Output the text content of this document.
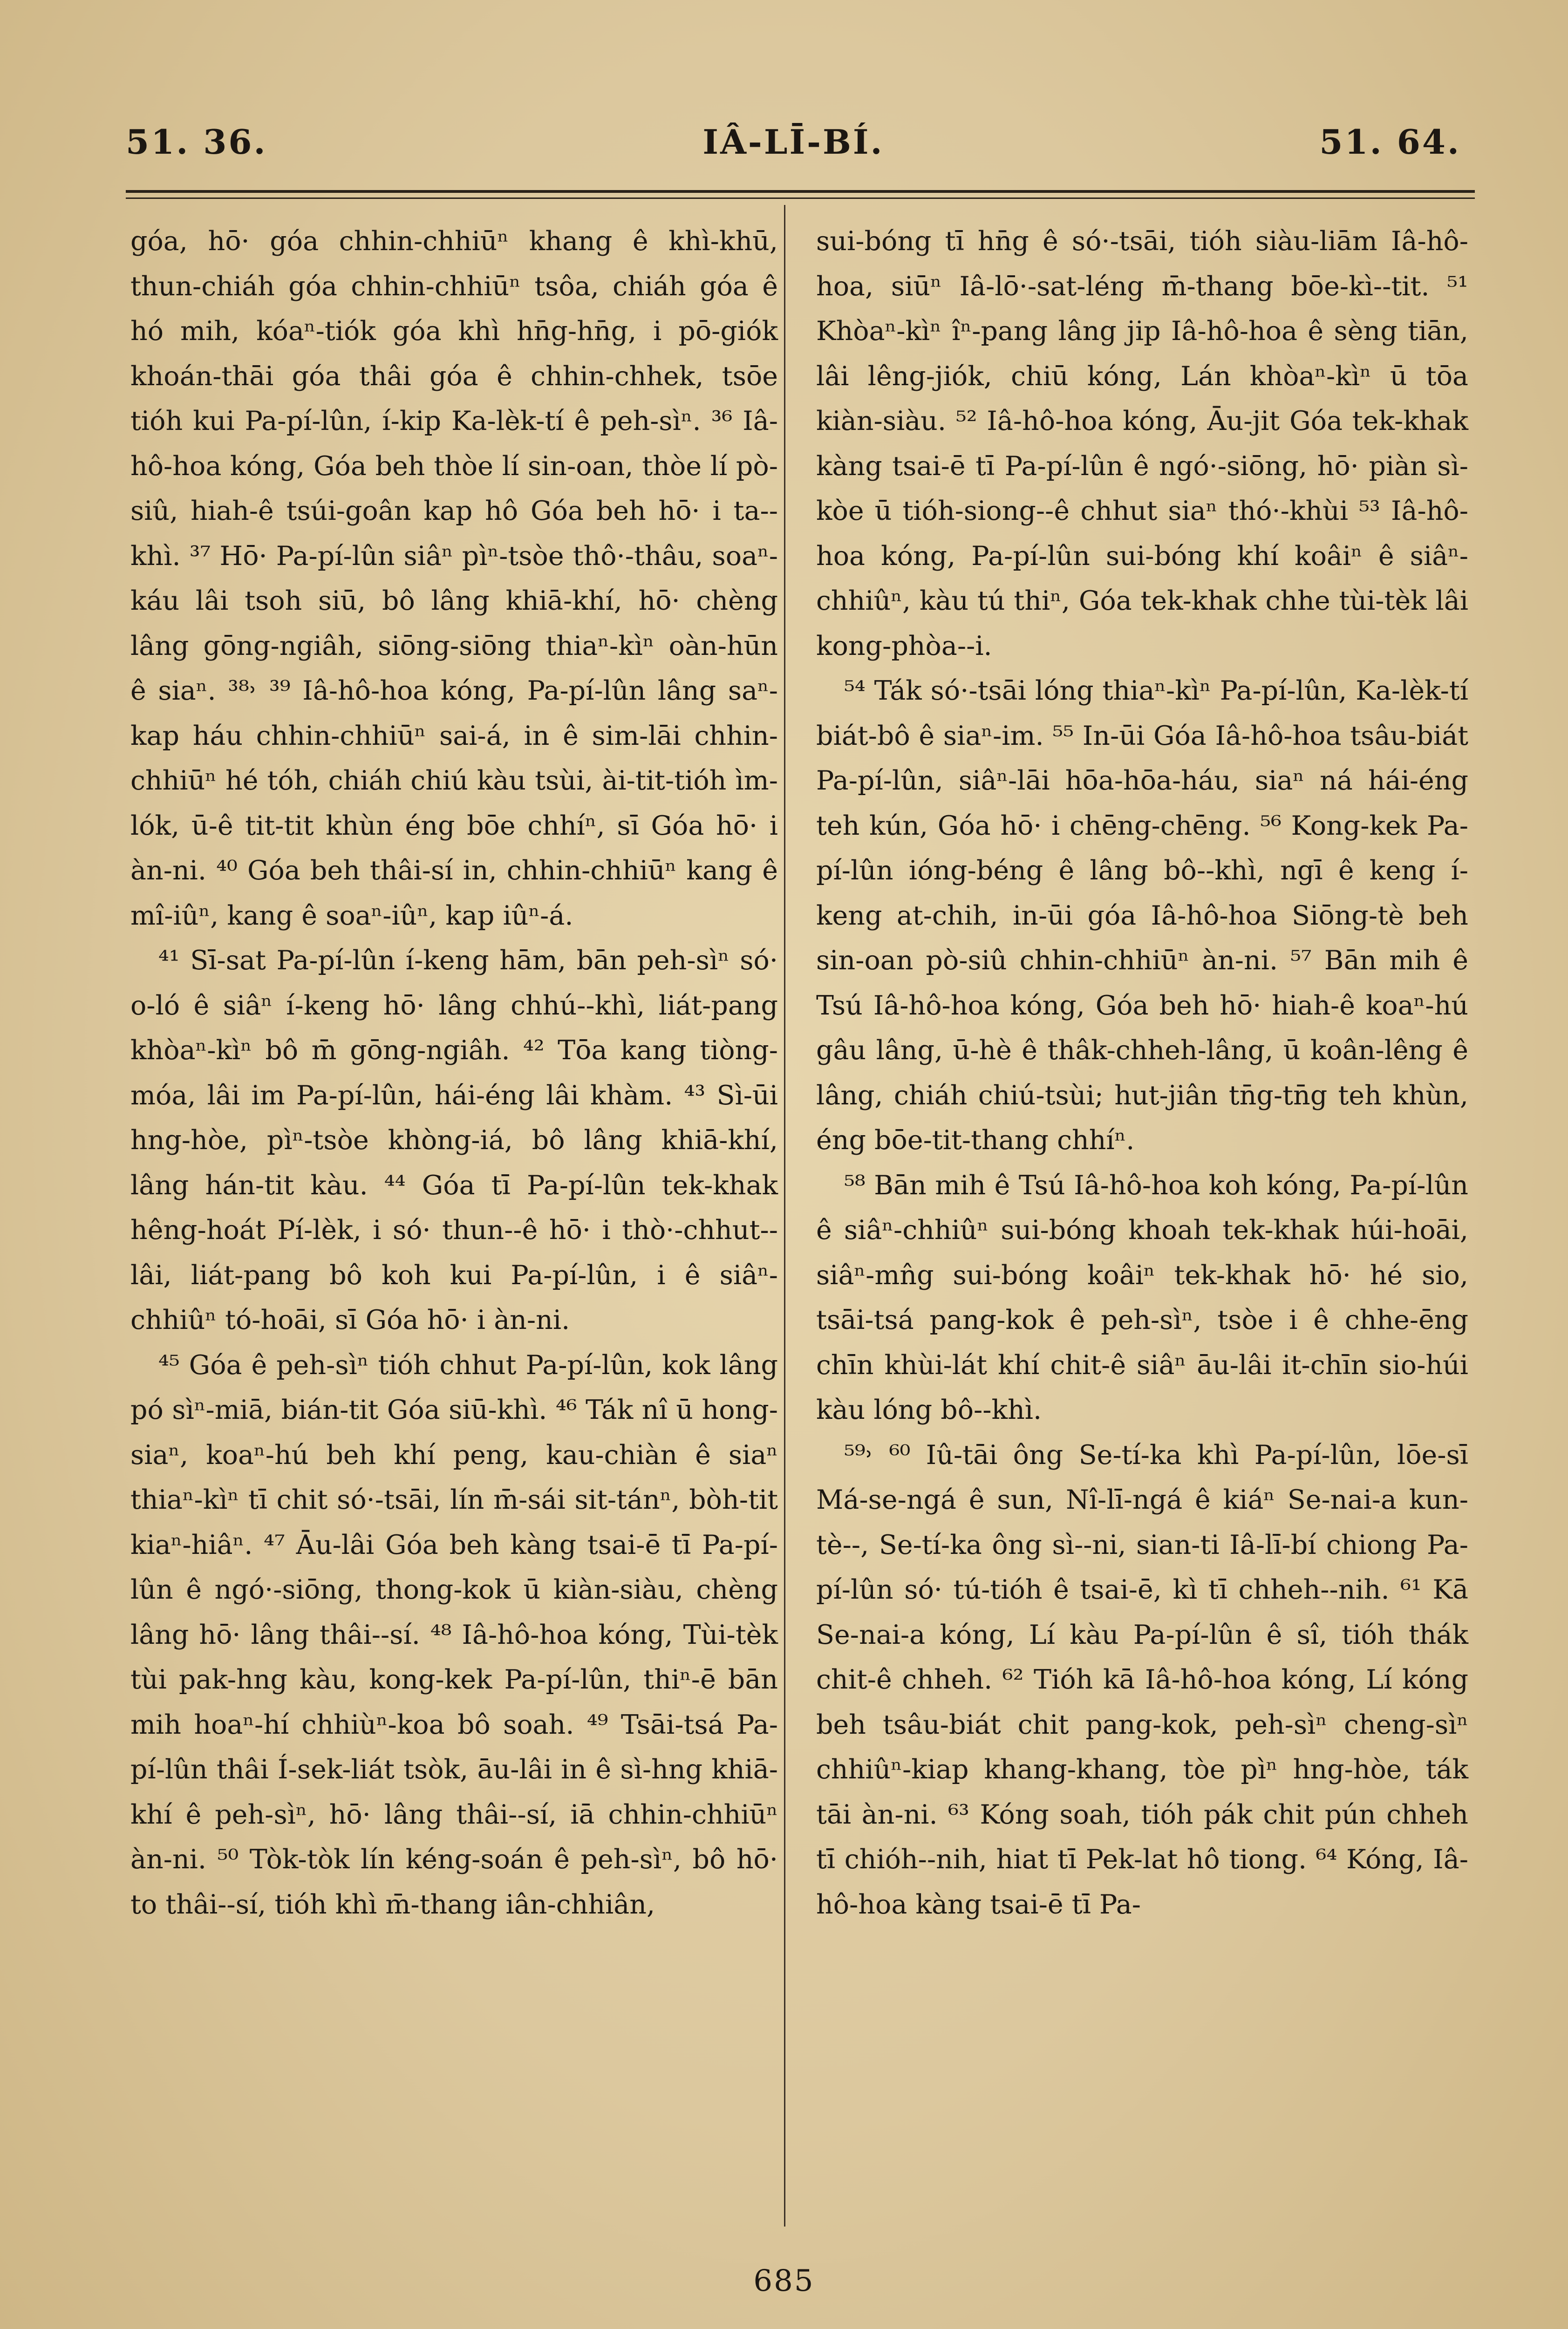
51. 36.	IÂ-LĪ-BÍ.	51. 64.

góa, hō· góa chhin-chhiūⁿ khang ê khì-khū, thun-chiáh góa chhin-chhiūⁿ tsôa, chiáh góa ê hó mih, kóaⁿ-tiók góa khì hn̄g-hn̄g, i pō-giók khoán-thāi góa thâi góa ê chhin-chhek, tsōe tióh kui Pa-pí-lûn, í-kip Ka-lèk-tí ê peh-sìⁿ. ³⁶ Iâ-hô-hoa kóng, Góa beh thòe lí sin-oan, thòe lí pò-siû, hiah-ê tsúi-goân kap hô Góa beh hō· i ta--khì. ³⁷ Hō· Pa-pí-lûn siâⁿ pìⁿ-tsòe thô·-thâu, soaⁿ-káu lâi tsoh siū, bô lâng khiā-khí, hō· chèng lâng gōng-ngiâh, siōng-siōng thiaⁿ-kìⁿ oàn-hūn ê siaⁿ. ³⁸˒ ³⁹ Iâ-hô-hoa kóng, Pa-pí-lûn lâng saⁿ-kap háu chhin-chhiūⁿ sai-á, in ê sim-lāi chhin-chhiūⁿ hé tóh, chiáh chiú kàu tsùi, ài-tit-tióh ìm-lók, ū-ê tit-tit khùn éng bōe chhíⁿ, sī Góa hō· i àn-ni. ⁴⁰ Góa beh thâi-sí in, chhin-chhiūⁿ kang ê mî-iûⁿ, kang ê soaⁿ-iûⁿ, kap iûⁿ-á.

⁴¹ Sī-sat Pa-pí-lûn í-keng hām, bān peh-sìⁿ só· o-ló ê siâⁿ í-keng hō· lâng chhú--khì, liát-pang khòaⁿ-kìⁿ bô m̄ gōng-ngiâh. ⁴² Tōa kang tiòng-móa, lâi im Pa-pí-lûn, hái-éng lâi khàm. ⁴³ Sì-ūi hng-hòe, pìⁿ-tsòe khòng-iá, bô lâng khiā-khí, lâng hán-tit kàu. ⁴⁴ Góa tī Pa-pí-lûn tek-khak hêng-hoát Pí-lèk, i só· thun--ê hō· i thò·-chhut--lâi, liát-pang bô koh kui Pa-pí-lûn, i ê siâⁿ-chhiûⁿ tó-hoāi, sī Góa hō· i àn-ni.

⁴⁵ Góa ê peh-sìⁿ tióh chhut Pa-pí-lûn, kok lâng pó sìⁿ-miā, bián-tit Góa siū-khì. ⁴⁶ Ták nî ū hong-siaⁿ, koaⁿ-hú beh khí peng, kau-chiàn ê siaⁿ thiaⁿ-kìⁿ tī chit só·-tsāi, lín m̄-sái sit-tánⁿ, bòh-tit kiaⁿ-hiâⁿ. ⁴⁷ Āu-lâi Góa beh kàng tsai-ē tī Pa-pí-lûn ê ngó·-siōng, thong-kok ū kiàn-siàu, chèng lâng hō· lâng thâi--sí. ⁴⁸ Iâ-hô-hoa kóng, Tùi-tèk tùi pak-hng kàu, kong-kek Pa-pí-lûn, thiⁿ-ē bān mih hoaⁿ-hí chhiùⁿ-koa bô soah. ⁴⁹ Tsāi-tsá Pa-pí-lûn thâi Í-sek-liát tsòk, āu-lâi in ê sì-hng khiā-khí ê peh-sìⁿ, hō· lâng thâi--sí, iā chhin-chhiūⁿ àn-ni. ⁵⁰ Tòk-tòk lín kéng-soán ê peh-sìⁿ, bô hō· to thâi--sí, tióh khì m̄-thang iân-chhiân,

sui-bóng tī hn̄g ê só·-tsāi, tióh siàu-liām Iâ-hô-hoa, siūⁿ Iâ-lō·-sat-léng m̄-thang bōe-kì--tit. ⁵¹ Khòaⁿ-kìⁿ îⁿ-pang lâng jip Iâ-hô-hoa ê sèng tiān, lâi lêng-jiók, chiū kóng, Lán khòaⁿ-kìⁿ ū tōa kiàn-siàu. ⁵² Iâ-hô-hoa kóng, Āu-jit Góa tek-khak kàng tsai-ē tī Pa-pí-lûn ê ngó·-siōng, hō· piàn sì-kòe ū tióh-siong--ê chhut siaⁿ thó·-khùi ⁵³ Iâ-hô-hoa kóng, Pa-pí-lûn sui-bóng khí koâiⁿ ê siâⁿ-chhiûⁿ, kàu tú thiⁿ, Góa tek-khak chhe tùi-tèk lâi kong-phòa--i.

⁵⁴ Ták só·-tsāi lóng thiaⁿ-kìⁿ Pa-pí-lûn, Ka-lèk-tí biát-bô ê siaⁿ-im. ⁵⁵ In-ūi Góa Iâ-hô-hoa tsâu-biát Pa-pí-lûn, siâⁿ-lāi hōa-hōa-háu, siaⁿ ná hái-éng teh kún, Góa hō· i chēng-chēng. ⁵⁶ Kong-kek Pa-pí-lûn ióng-béng ê lâng bô--khì, ngī ê keng í-keng at-chih, in-ūi góa Iâ-hô-hoa Siōng-tè beh sin-oan pò-siû chhin-chhiūⁿ àn-ni. ⁵⁷ Bān mih ê Tsú Iâ-hô-hoa kóng, Góa beh hō· hiah-ê koaⁿ-hú gâu lâng, ū-hè ê thâk-chheh-lâng, ū koân-lêng ê lâng, chiáh chiú-tsùi; hut-jiân tn̄g-tn̄g teh khùn, éng bōe-tit-thang chhíⁿ.

⁵⁸ Bān mih ê Tsú Iâ-hô-hoa koh kóng, Pa-pí-lûn ê siâⁿ-chhiûⁿ sui-bóng khoah tek-khak húi-hoāi, siâⁿ-mn̂g sui-bóng koâiⁿ tek-khak hō· hé sio, tsāi-tsá pang-kok ê peh-sìⁿ, tsòe i ê chhe-ēng chīn khùi-lát khí chit-ê siâⁿ āu-lâi it-chīn sio-húi kàu lóng bô--khì.

⁵⁹˒ ⁶⁰ Iû-tāi ông Se-tí-ka khì Pa-pí-lûn, lōe-sī Má-se-ngá ê sun, Nî-lī-ngá ê kiáⁿ Se-nai-a kun-tè--, Se-tí-ka ông sì--ni, sian-ti Iâ-lī-bí chiong Pa-pí-lûn só· tú-tióh ê tsai-ē, kì tī chheh--nih. ⁶¹ Kā Se-nai-a kóng, Lí kàu Pa-pí-lûn ê sî, tióh thák chit-ê chheh. ⁶² Tióh kā Iâ-hô-hoa kóng, Lí kóng beh tsâu-biát chit pang-kok, peh-sìⁿ cheng-sìⁿ chhiûⁿ-kiap khang-khang, tòe pìⁿ hng-hòe, ták tāi àn-ni. ⁶³ Kóng soah, tióh pák chit pún chheh tī chióh--nih, hiat tī Pek-lat hô tiong. ⁶⁴ Kóng, Iâ-hô-hoa kàng tsai-ē tī Pa-

685
